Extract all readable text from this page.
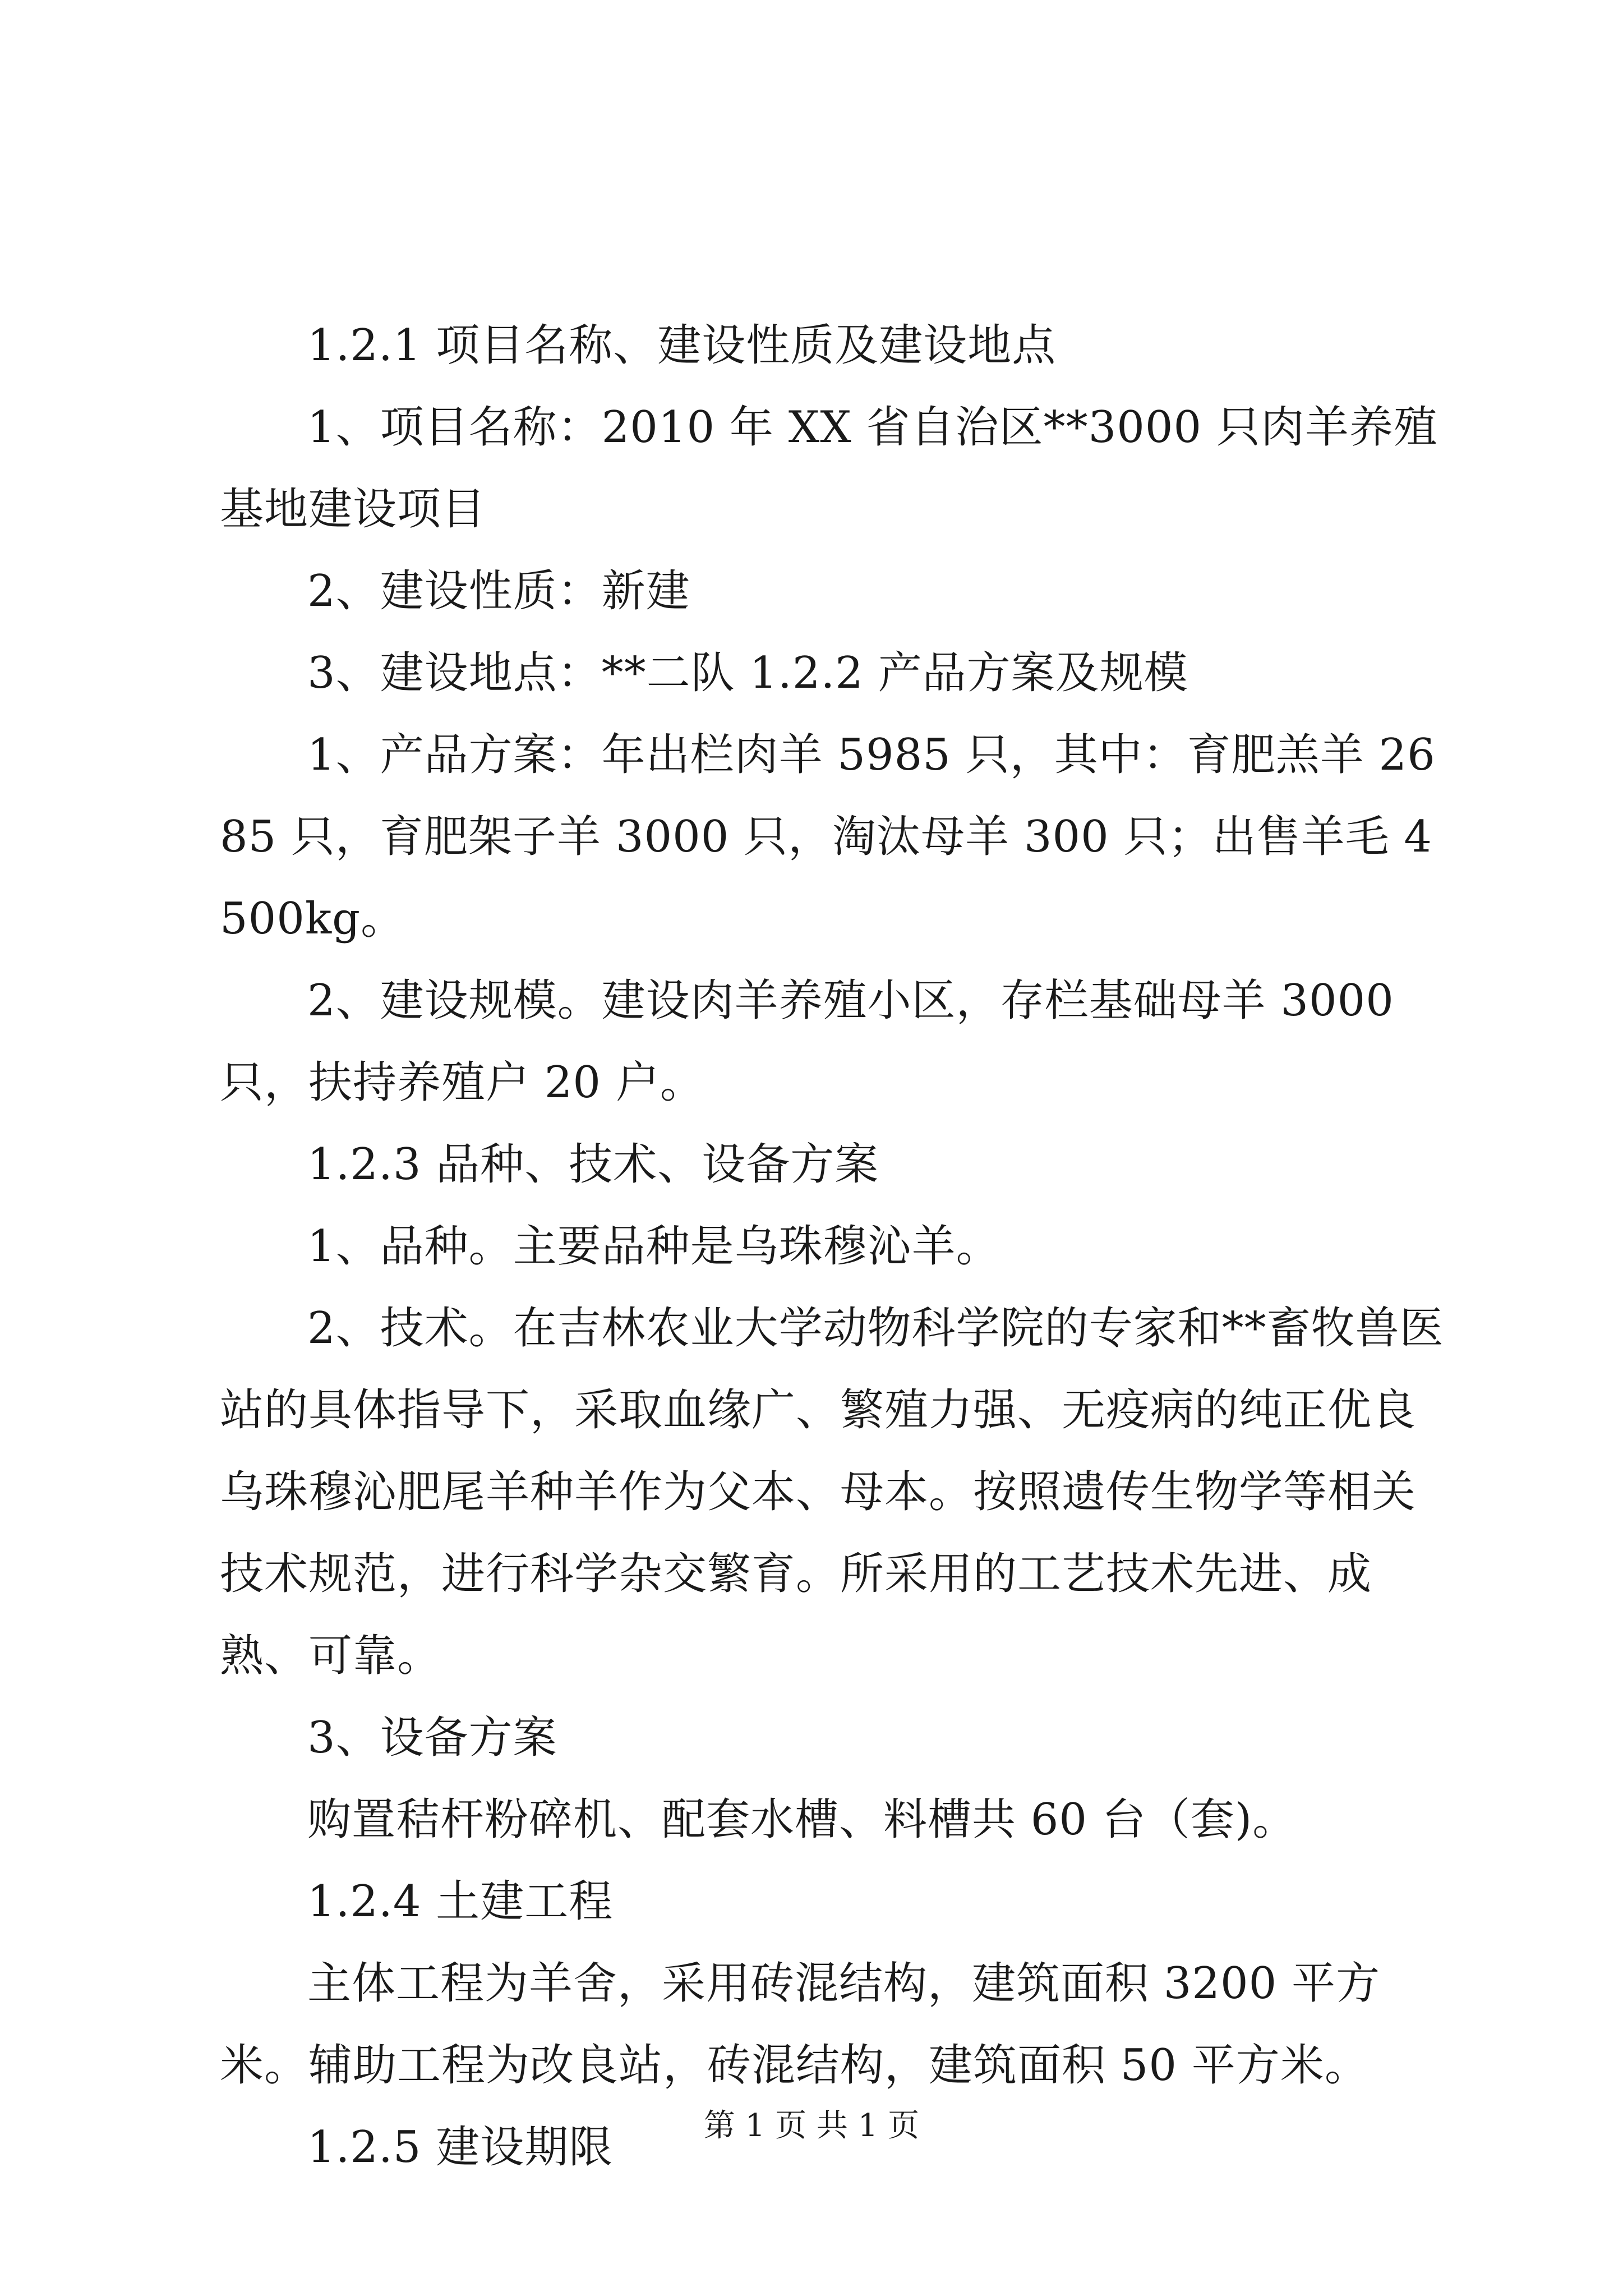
1.2.1 项目名称、建设性质及建设地点

1、项目名称：2010 年 XX 省自治区**3000 只肉羊养殖基地建设项目

2、建设性质：新建

3、建设地点：**二队 1.2.2 产品方案及规模

1、产品方案：年出栏肉羊 5985 只，其中：育肥羔羊 2685 只，育肥架子羊 3000 只，淘汰母羊 300 只；出售羊毛 4500kg。

2、建设规模。建设肉羊养殖小区，存栏基础母羊 3000 只，扶持养殖户 20 户。

1.2.3 品种、技术、设备方案

1、品种。主要品种是乌珠穆沁羊。

2、技术。在吉林农业大学动物科学院的专家和**畜牧兽医站的具体指导下，采取血缘广、繁殖力强、无疫病的纯正优良乌珠穆沁肥尾羊种羊作为父本、母本。按照遗传生物学等相关技术规范，进行科学杂交繁育。所采用的工艺技术先进、成熟、可靠。

3、设备方案

购置秸杆粉碎机、配套水槽、料槽共 60 台（套)。

1.2.4 土建工程

主体工程为羊舍，采用砖混结构，建筑面积 3200 平方米。辅助工程为改良站，砖混结构，建筑面积 50 平方米。

1.2.5 建设期限	第 1 页 共 1 页
